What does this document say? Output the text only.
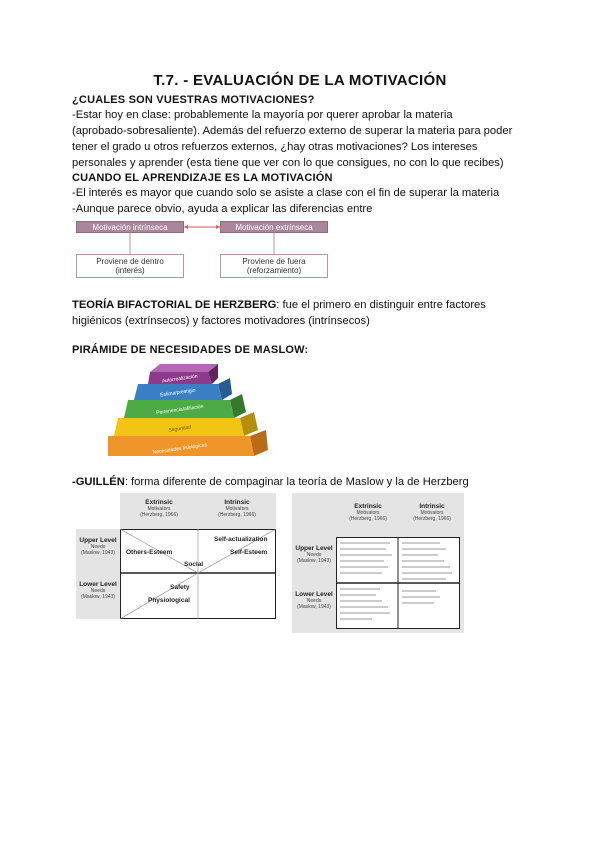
T.7. - EVALUACIÓN DE LA MOTIVACIÓN
¿CUALES SON VUESTRAS MOTIVACIONES?
-Estar hoy en clase: probablemente la mayoría por querer aprobar la materia
(aprobado-sobresaliente). Además del refuerzo externo de superar la materia para poder
tener el grado u otros refuerzos externos, ¿hay otras motivaciones? Los intereses
personales y aprender (esta tiene que ver con lo que consigues, no con lo que recibes)
CUANDO EL APRENDIZAJE ES LA MOTIVACIÓN
-El interés es mayor que cuando solo se asiste a clase con el fin de superar la materia
-Aunque parece obvio, ayuda a explicar las diferencias entre
Motivación intrínseca	Motivación extrínseca
Proviene de dentro
(interés)
Proviene de fuera
(reforzamiento)
TEORÍA BIFACTORIAL DE HERZBERG: fue el primero en distinguir entre factores
higiénicos (extrínsecos) y factores motivadores (intrínsecos)
PIRÁMIDE DE NECESIDADES DE MASLOW:
Autorrealización
Estima/prestigio
Pertenencia/afiliación
Seguridad
Necesidades fisiológicas
-GUILLÉN: forma diferente de compaginar la teoría de Maslow y la de Herzberg
Extrinsic
Motivators
(Herzberg, 1966)
Intrinsic
Motivators
(Herzberg, 1966)
Upper Level
Needs
(Maslow, 1943)
Lower Level
Needs
(Maslow, 1943)
Others-Esteem
Self-actualization
Self-Esteem
Social
Safety
Physiological
Extrinsic
Motivators
(Herzberg, 1966)
Intrinsic
Motivators
(Herzberg, 1966)
Upper Level
Needs
(Maslow, 1943)
Lower Level
Needs
(Maslow, 1943)
